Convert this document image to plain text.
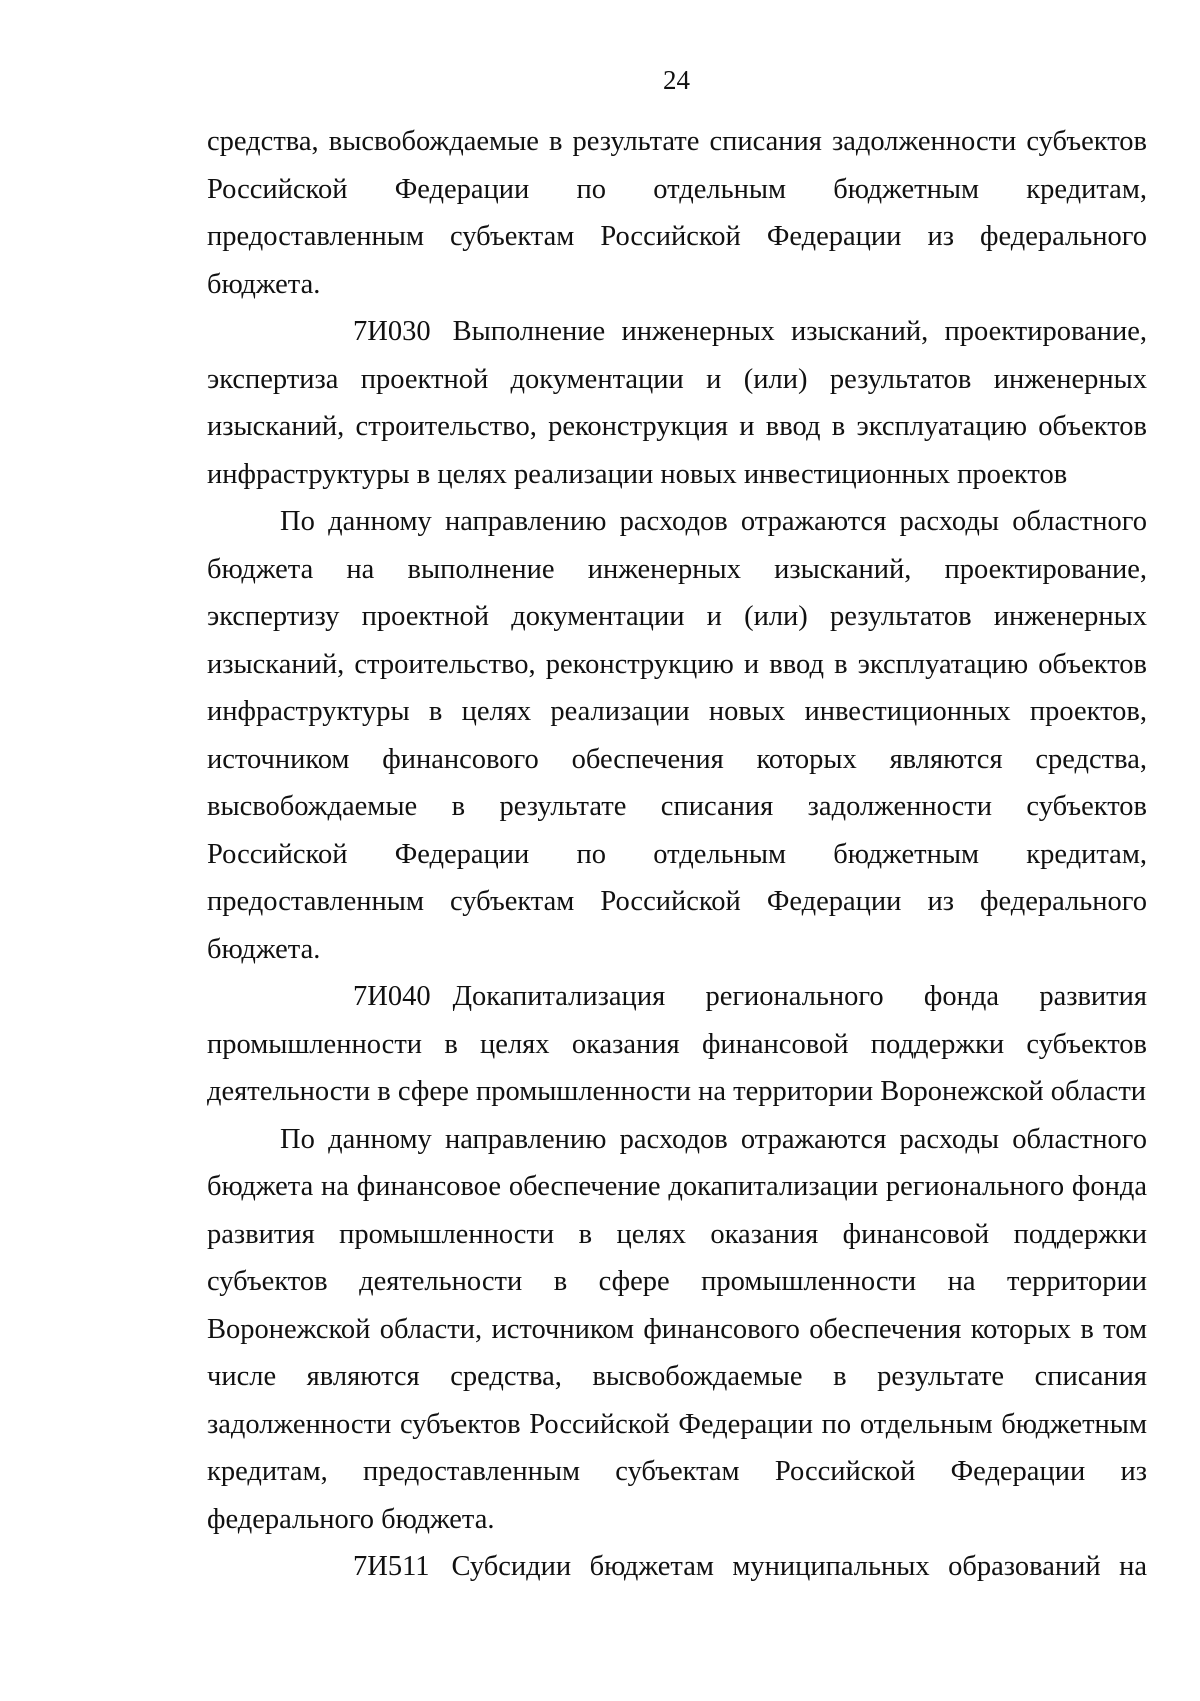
24

средства, высвобождаемые в результате списания задолженности субъектов Российской Федерации по отдельным бюджетным кредитам, предоставленным субъектам Российской Федерации из федерального бюджета.

7И030 Выполнение инженерных изысканий, проектирование, экспертиза проектной документации и (или) результатов инженерных изысканий, строительство, реконструкция и ввод в эксплуатацию объектов инфраструктуры в целях реализации новых инвестиционных проектов

По данному направлению расходов отражаются расходы областного бюджета на выполнение инженерных изысканий, проектирование, экспертизу проектной документации и (или) результатов инженерных изысканий, строительство, реконструкцию и ввод в эксплуатацию объектов инфраструктуры в целях реализации новых инвестиционных проектов, источником финансового обеспечения которых являются средства, высвобождаемые в результате списания задолженности субъектов Российской Федерации по отдельным бюджетным кредитам, предоставленным субъектам Российской Федерации из федерального бюджета.

7И040 Докапитализация регионального фонда развития промышленности в целях оказания финансовой поддержки субъектов деятельности в сфере промышленности на территории Воронежской области

По данному направлению расходов отражаются расходы областного бюджета на финансовое обеспечение докапитализации регионального фонда развития промышленности в целях оказания финансовой поддержки субъектов деятельности в сфере промышленности на территории Воронежской области, источником финансового обеспечения которых в том числе являются средства, высвобождаемые в результате списания задолженности субъектов Российской Федерации по отдельным бюджетным кредитам, предоставленным субъектам Российской Федерации из федерального бюджета.

7И511 Субсидии бюджетам муниципальных образований на
